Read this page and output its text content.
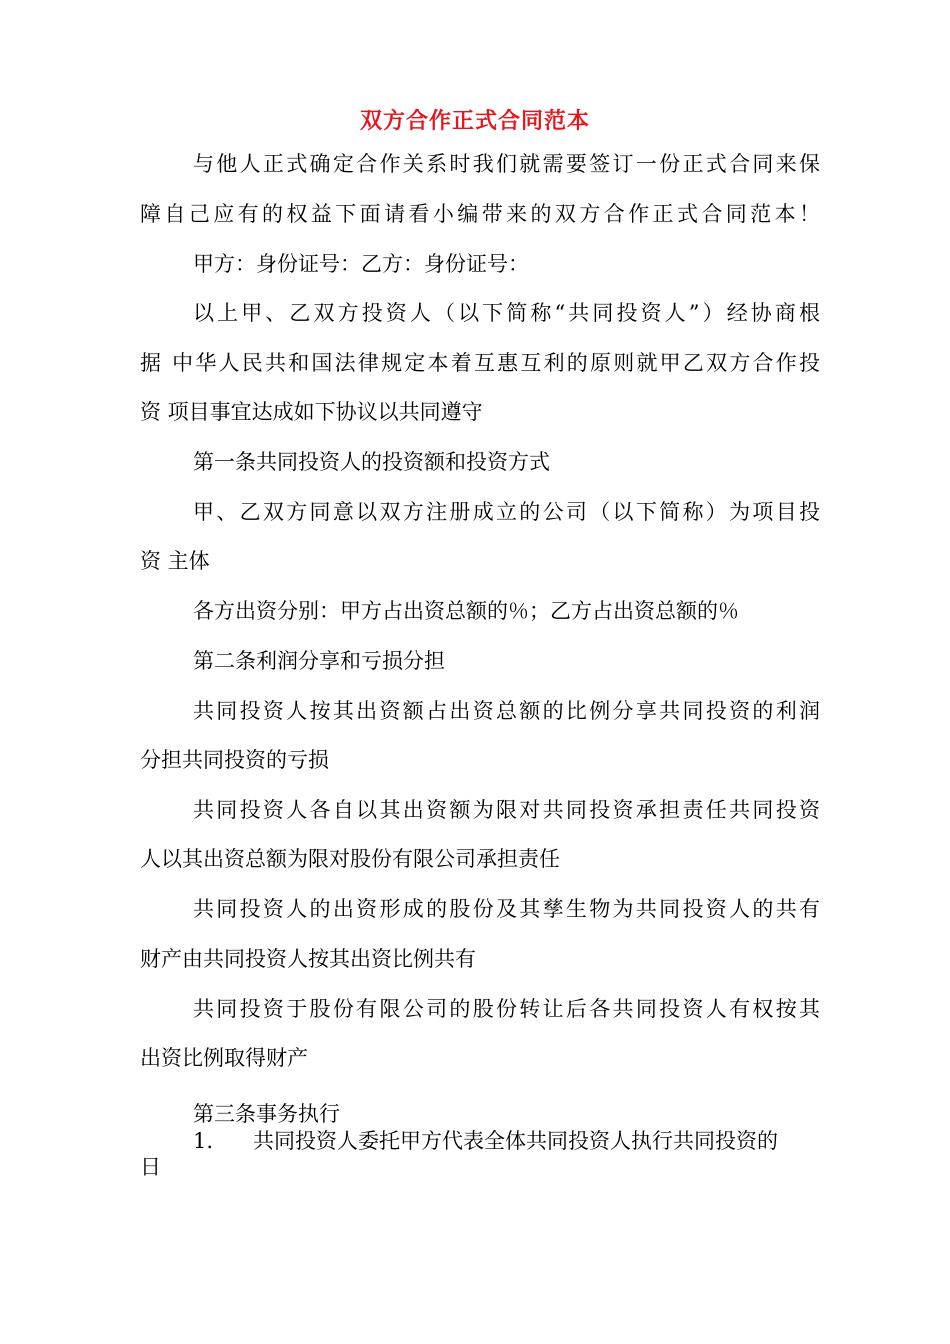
双方合作正式合同范本
与他人正式确定合作关系时我们就需要签订一份正式合同来保
障自己应有的权益下面请看小编带来的双方合作正式合同范本！
甲方：身份证号：乙方：身份证号：
以上甲、乙双方投资人（以下简称“共同投资人”）经协商根
据 中华人民共和国法律规定本着互惠互利的原则就甲乙双方合作投
资 项目事宜达成如下协议以共同遵守
第一条共同投资人的投资额和投资方式
甲、乙双方同意以双方注册成立的公司（以下简称）为项目投
资 主体
各方出资分别：甲方占出资总额的％；乙方占出资总额的％
第二条利润分享和亏损分担
共同投资人按其出资额占出资总额的比例分享共同投资的利润
分担共同投资的亏损
共同投资人各自以其出资额为限对共同投资承担责任共同投资
人以其出资总额为限对股份有限公司承担责任
共同投资人的出资形成的股份及其孳生物为共同投资人的共有
财产由共同投资人按其出资比例共有
共同投资于股份有限公司的股份转让后各共同投资人有权按其
出资比例取得财产
第三条事务执行
1. 共同投资人委托甲方代表全体共同投资人执行共同投资的
日
